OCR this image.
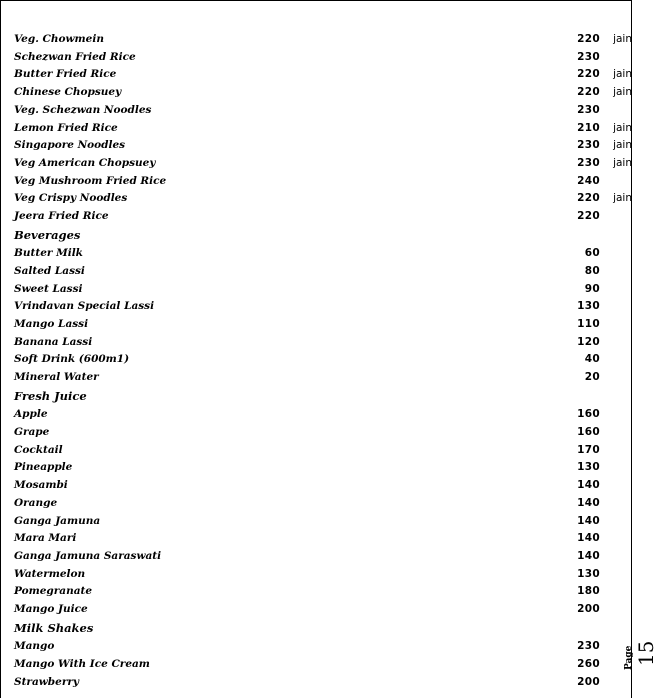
Veg. Chowmein	220 jain
Schezwan Fried Rice	230
Butter Fried Rice	220 jain
Chinese Chopsuey	220 jain
Veg. Schezwan Noodles	230
Lemon Fried Rice	210 jain
Singapore Noodles	230 jain
Veg American Chopsuey	230 jain
Veg Mushroom Fried Rice	240
Veg Crispy Noodles	220 jain
Jeera Fried Rice	220
Beverages
Butter Milk	60
Salted Lassi	80
Sweet Lassi	90
Vrindavan Special Lassi	130
Mango Lassi	110
Banana Lassi	120
Soft Drink (600m1)	40
Mineral Water	20
Fresh Juice
Apple	160
Grape	160
Cocktail	170
Pineapple	130
Mosambi	140
Orange	140
Ganga Jamuna	140
Mara Mari	140
Ganga Jamuna Saraswati	140
Watermelon	130
Pomegranate	180
Mango Juice	200
Milk Shakes
Mango	230
Mango With Ice Cream	260
Strawberry	200
Page 15
